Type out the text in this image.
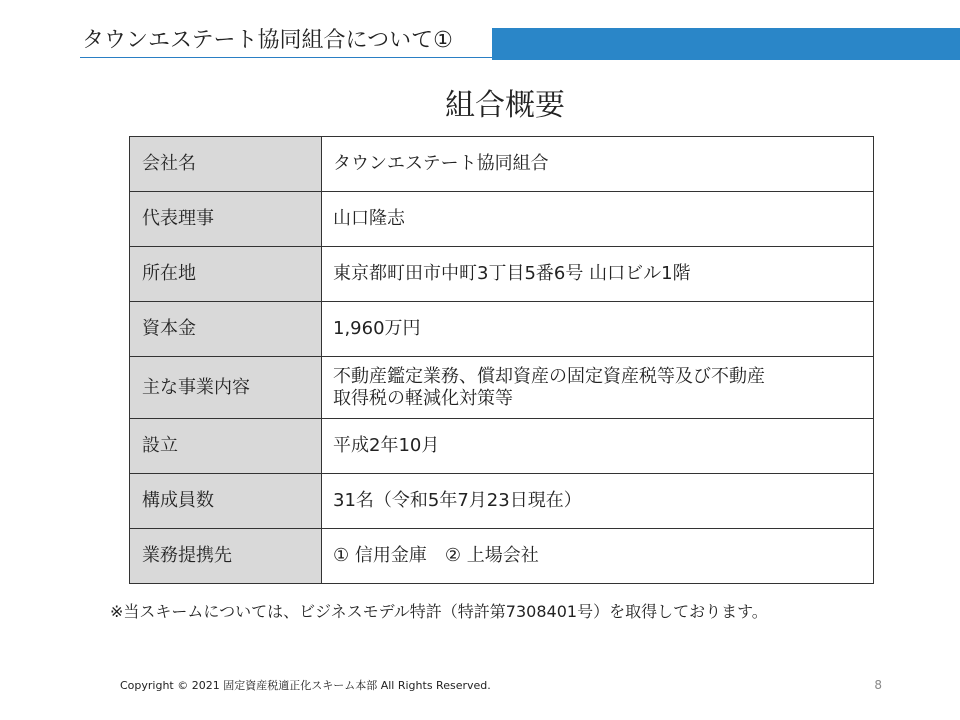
タウンエステート協同組合について①
組合概要
会社名	タウンエステート協同組合
代表理事	山口隆志
所在地	東京都町田市中町3丁目5番6号 山口ビル1階
資本金	1,960万円
主な事業内容	不動産鑑定業務、償却資産の固定資産税等及び不動産
取得税の軽減化対策等

設立	平成2年10月
構成員数	31名（令和5年7月23日現在）
業務提携先	① 信用金庫　② 上場会社
※当スキームについては、ビジネスモデル特許（特許第7308401号）を取得しております。
Copyright © 2021 固定資産税適正化スキーム本部 All Rights Reserved.	8
